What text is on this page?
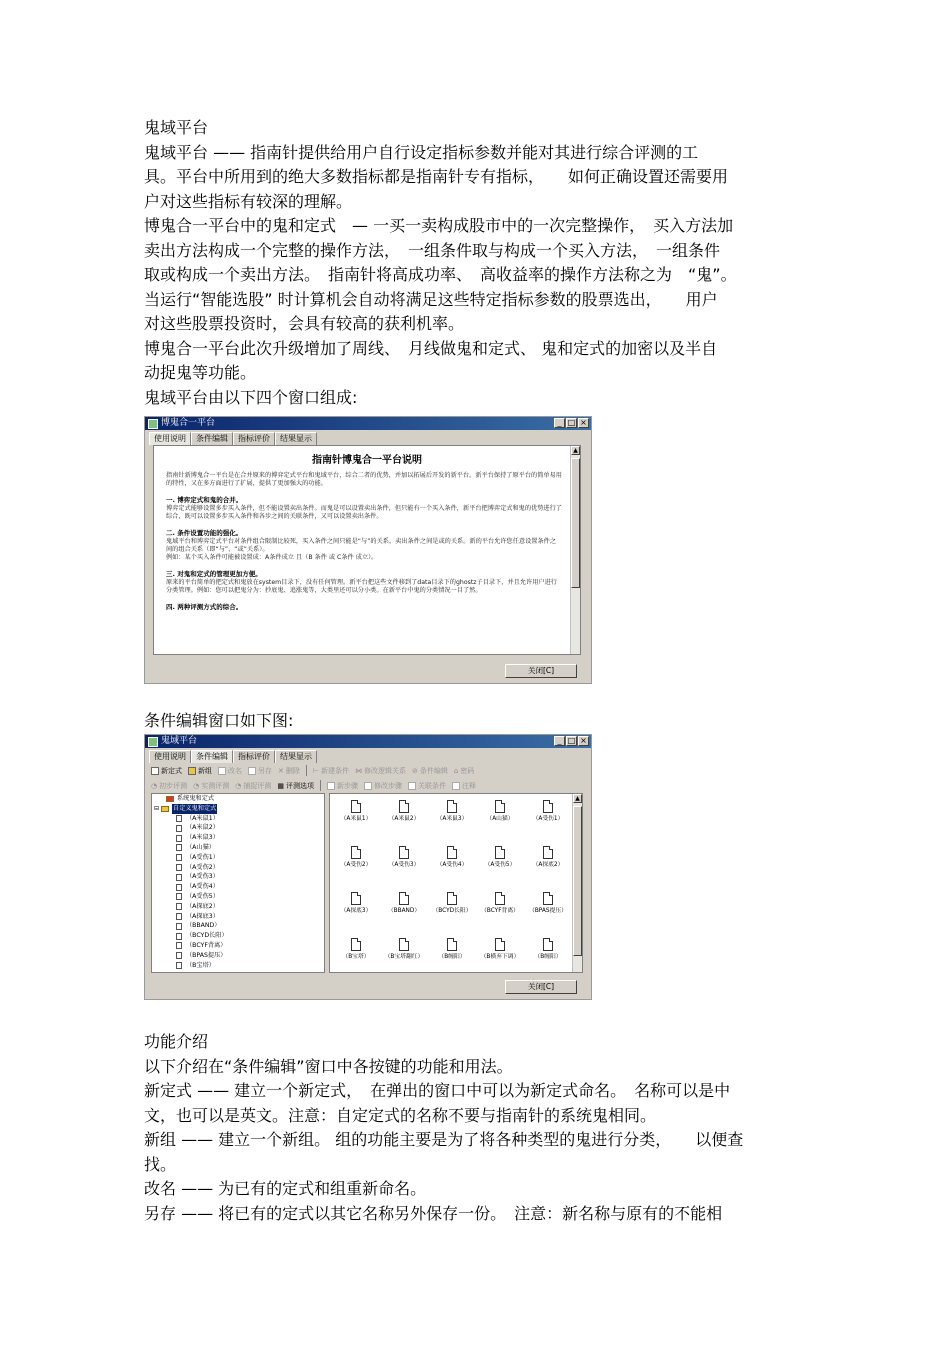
鬼域平台

鬼域平台 —— 指南针提供给用户自行设定指标参数并能对其进行综合评测的工

具。平台中所用到的绝大多数指标都是指南针专有指标，　　如何正确设置还需要用

户对这些指标有较深的理解。

博鬼合一平台中的鬼和定式　— 一买一卖构成股市中的一次完整操作，　买入方法加

卖出方法构成一个完整的操作方法，　一组条件取与构成一个买入方法，　一组条件

取或构成一个卖出方法。　指南针将高成功率、　高收益率的操作方法称之为　“鬼”。

当运行“智能选股” 时计算机会自动将满足这些特定指标参数的股票选出，　　用户

对这些股票投资时，会具有较高的获利机率。

博鬼合一平台此次升级增加了周线、　月线做鬼和定式、 鬼和定式的加密以及半自

动捉鬼等功能。

鬼域平台由以下四个窗口组成:

博鬼合一平台	_ □ ×
使用说明	条件编辑	指标评价	结果显示
指南针博鬼合一平台说明

指南针新博鬼合一平台是在合并原来的博弈定式平台和鬼域平台，综合二者的优势，并加以拓展后开发的新平台。新平台保持了原平台的简单易用的特性，又在多方面进行了扩展，提供了更加强大的功能。

一. 博弈定式和鬼的合并。

博弈定式能够设置多步买入条件，但不能设置卖出条件。而鬼是可以设置卖出条件，但只能有一个买入条件，新平台把博弈定式和鬼的优势进行了综合，既可以设置多步买入条件和各步之间的关联条件，又可以设置卖出条件。

二. 条件设置功能的强化。

鬼域平台和博弈定式平台对条件组合限制比较死，买入条件之间只能是“与”的关系，卖出条件之间是或的关系。新的平台允许您任意设置条件之间的组合关系（即“与”、“或”关系）。

例如：某个买入条件可能被设置成：A条件成立 且（B 条件 或 C条件 成立）。

三. 对鬼和定式的管理更加方便。

原来的平台简单的把定式和鬼放在system目录下，没有任何管理。新平台把这些文件移到了data目录下的ghostz子目录下，并且允许用户进行分类管理。例如：您可以把鬼分为：抄底鬼、追涨鬼等，大类里还可以分小类。在新平台中鬼的分类情况一目了然。

四. 两种评测方式的综合。

▲
关闭[C]

条件编辑窗口如下图:

鬼域平台	_ □ ×
使用说明	条件编辑	指标评价	结果显示
新定式 新组 改名 另存 ✕ 删除 ⊢ 新建条件 ⋈ 修改逻辑关系 ⊘ 条件编辑 ⌂ 密码
◔ 初步评测 ◔ 实测评测 ◔ 捕捉评测 ▦ 评测选项	新步骤 修改步骤 关联条件 注释
系统鬼和定式
⊟ 自定义鬼和定式
（A米鼠1）
（A米鼠2）
（A米鼠3）
（A山猫）
（A受伤1）
（A受伤2）
（A受伤3）
（A受伤4）
（A受伤5）
（A探底2）
（A探底3）
（BBAND）
（BCYD长阳）
（BCYF背离）
（BPAS提压）
（B宝塔）
（A米鼠1）	（A米鼠2）	（A米鼠3）	（A山猫）	（A受伤1）
（A受伤2）	（A受伤3）	（A受伤4）	（A受伤5）	（A探底2）
（A探底3）	（BBAND）	（BCYD长阳）	（BCYF背离）	（BPAS提压）
（B宝塔）	（B宝塔翻红）	（B缠阳）	（B横弃下调）	（B缠阳）
▲
关闭[C]

功能介绍

以下介绍在“条件编辑”窗口中各按键的功能和用法。

新定式 —— 建立一个新定式，　在弹出的窗口中可以为新定式命名。　名称可以是中

文，也可以是英文。注意：自定定式的名称不要与指南针的系统鬼相同。

新组 —— 建立一个新组。 组的功能主要是为了将各种类型的鬼进行分类，　　以便查

找。

改名 —— 为已有的定式和组重新命名。

另存 —— 将已有的定式以其它名称另外保存一份。　注意：新名称与原有的不能相
